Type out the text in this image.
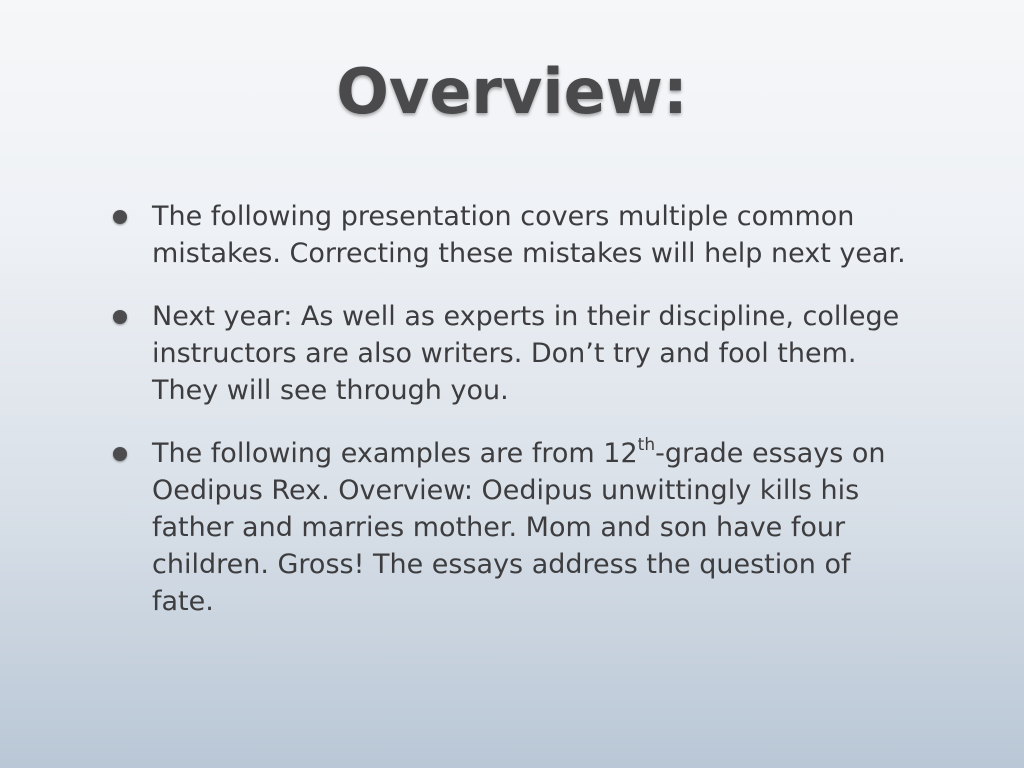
Overview:
The following presentation covers multiple common mistakes. Correcting these mistakes will help next year.
Next year: As well as experts in their discipline, college instructors are also writers. Don’t try and fool them. They will see through you.
The following examples are from 12th-grade essays on Oedipus Rex. Overview: Oedipus unwittingly kills his father and marries mother. Mom and son have four children. Gross! The essays address the question of fate.
